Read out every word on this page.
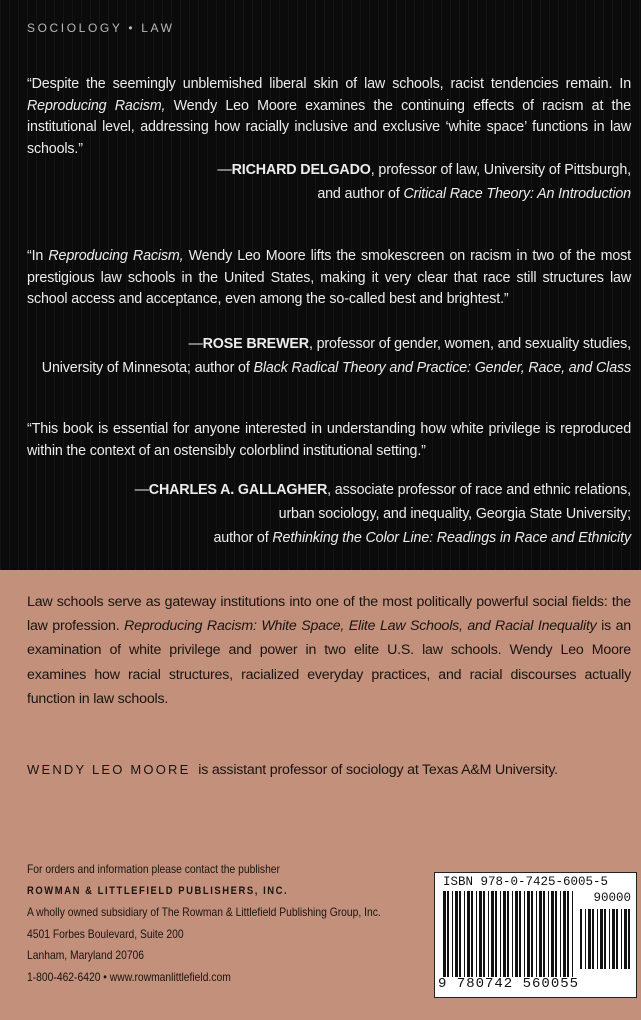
SOCIOLOGY • LAW
“Despite the seemingly unblemished liberal skin of law schools, racist tendencies remain. In Reproducing Racism, Wendy Leo Moore examines the continuing effects of racism at the institutional level, addressing how racially inclusive and exclusive ‘white space’ functions in law schools.”
—RICHARD DELGADO, professor of law, University of Pittsburgh,
and author of Critical Race Theory: An Introduction
“In Reproducing Racism, Wendy Leo Moore lifts the smokescreen on racism in two of the most prestigious law schools in the United States, making it very clear that race still structures law school access and acceptance, even among the so-called best and brightest.”
—ROSE BREWER, professor of gender, women, and sexuality studies,
University of Minnesota; author of Black Radical Theory and Practice: Gender, Race, and Class
“This book is essential for anyone interested in understanding how white privilege is reproduced within the context of an ostensibly colorblind institutional setting.”
—CHARLES A. GALLAGHER, associate professor of race and ethnic relations,
urban sociology, and inequality, Georgia State University;
author of Rethinking the Color Line: Readings in Race and Ethnicity
Law schools serve as gateway institutions into one of the most politically powerful social fields: the law profession. Reproducing Racism: White Space, Elite Law Schools, and Racial Inequality is an examination of white privilege and power in two elite U.S. law schools. Wendy Leo Moore examines how racial structures, racialized everyday practices, and racial discourses actually function in law schools.
WENDY LEO MOORE is assistant professor of sociology at Texas A&M University.
For orders and information please contact the publisher
ROWMAN & LITTLEFIELD PUBLISHERS, INC.
A wholly owned subsidiary of The Rowman & Littlefield Publishing Group, Inc.
4501 Forbes Boulevard, Suite 200
Lanham, Maryland 20706
1-800-462-6420 • www.rowmanlittlefield.com
ISBN 978-0-7425-6005-5
90000
9 780742 560055
